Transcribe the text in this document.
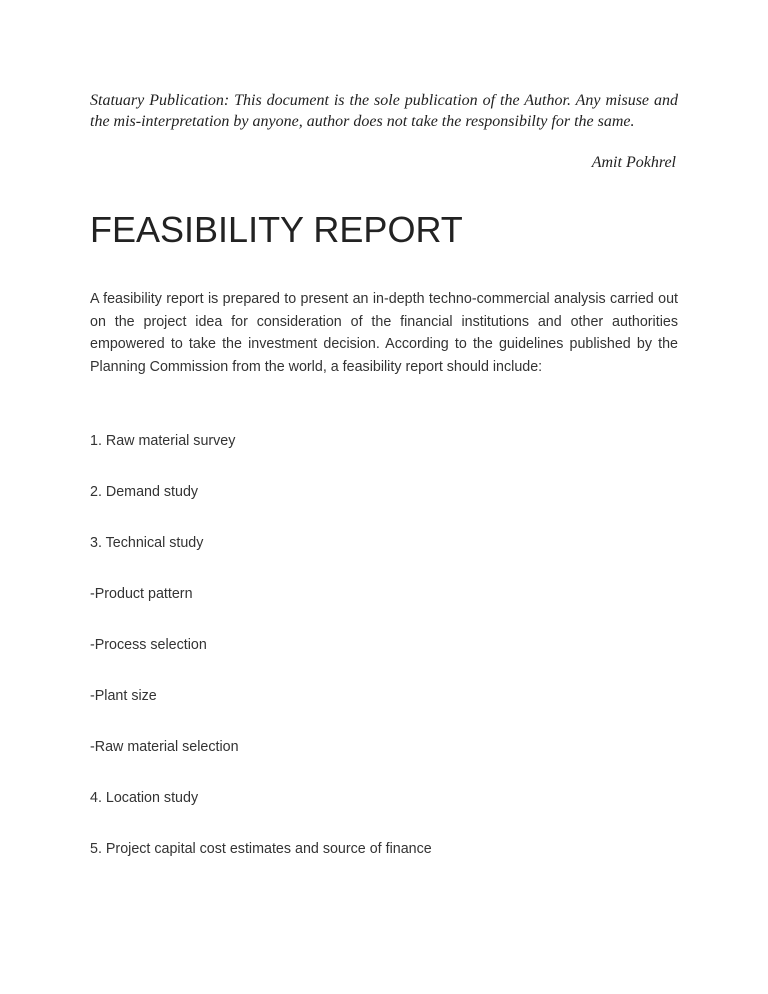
Statuary Publication: This document is the sole publication of the Author. Any misuse and the mis-interpretation by anyone, author does not take the responsibilty for the same.

Amit Pokhrel

FEASIBILITY REPORT

A feasibility report is prepared to present an in-depth techno-commercial analysis carried out on the project idea for consideration of the financial institutions and other authorities empowered to take the investment decision. According to the guidelines published by the Planning Commission from the world, a feasibility report should include:

1. Raw material survey
2. Demand study
3. Technical study
-Product pattern
-Process selection
-Plant size
-Raw material selection
4. Location study
5. Project capital cost estimates and source of finance
